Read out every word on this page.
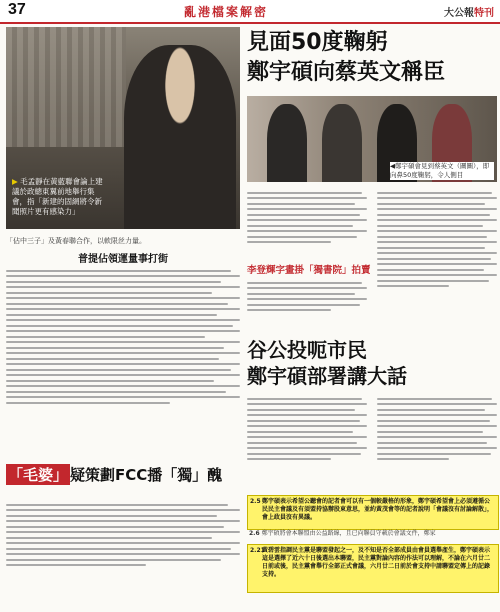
37	亂港檔案解密	大公報特刊
▶ 毛孟靜在黃藍聯會論上建議於政總東翼前地舉行集會，指「新建的固網將令新聞照片更有感染力」
「佔中三子」及黃春聯合作，以軟限丝力量。
普提佔領運量事打街
「毛婆」 疑策劃FCC播「獨」醜
見面50度鞠躬
鄭宇碩向蔡英文稱臣
◀鄭宇碩會見到蔡英文（圖圖），即向鼻50度鞠躬，令人側目
李登輝字畫掛「獨書院」拍賣
谷公投呃市民
鄭宇碩部署講大話
2.5 鄭宇碩表示希望公聽會的記者會可以有一個較嚴格的形象，鄭宇碩希望會上必須遵循公民民主會議及有須盟持協辦股東意思，並約黃茂會等的記者說明「會議沒有討論解散」，會上政員沒有異議。
2.6 鄭宇碩將會本聯盟由公益路線，且已向聯員守載於會議文件，鄭家
2.21
黃碧雲指調民主黨是聯盟發起之一，及不知是否全部成員由會員選舉產生，鄭宇碩表示這是選擇了近六十日後選出本聯盟，民主黨對論內容的作法可以理解，不論在六月廿二日前或後，民主黨會舉行全部正式會議，六月廿二日前於會支持中請聯盟定傳上的記錄支持。
